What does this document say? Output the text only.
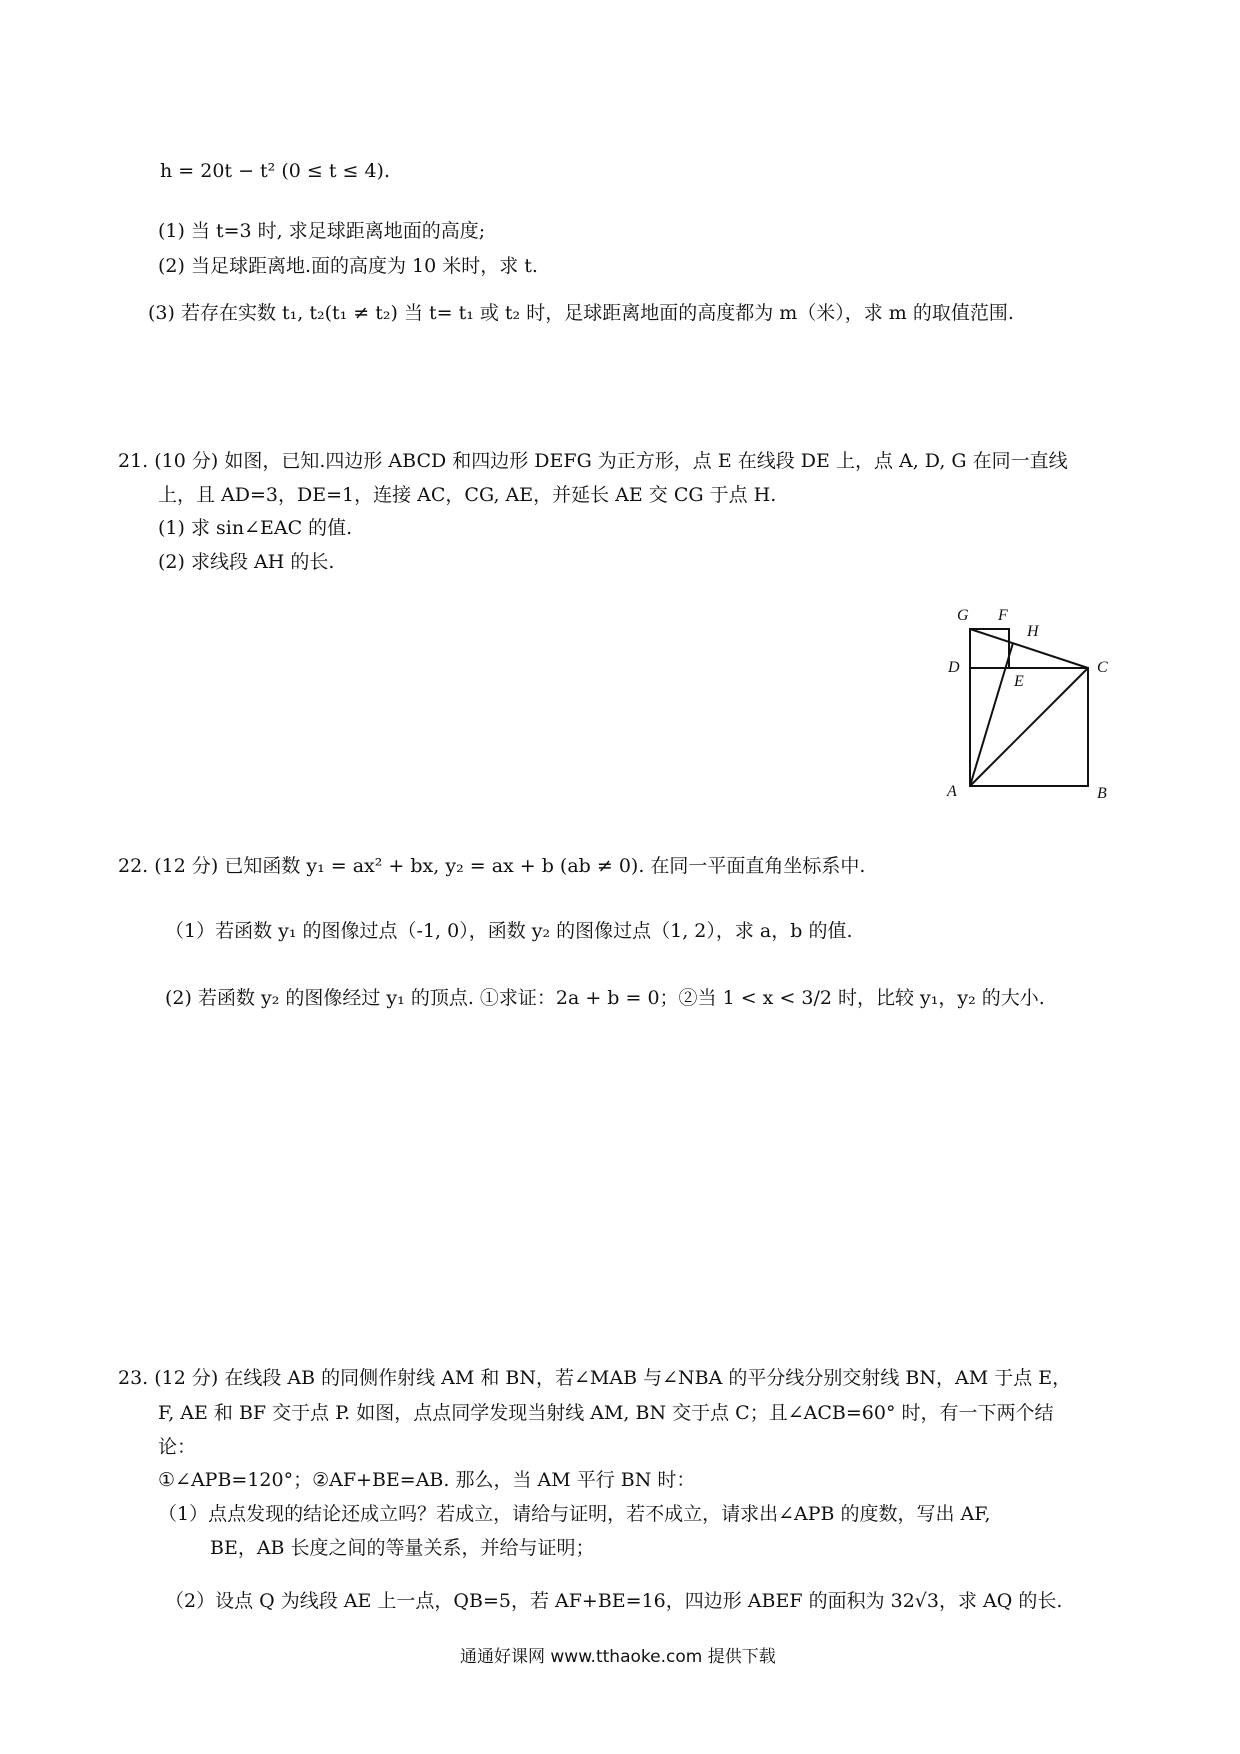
h = 20t − t² (0 ≤ t ≤ 4).
(1) 当 t=3 时, 求足球距离地面的高度;
(2) 当足球距离地.面的高度为 10 米时，求 t.
(3) 若存在实数 t₁, t₂(t₁ ≠ t₂) 当 t= t₁ 或 t₂ 时，足球距离地面的高度都为 m（米），求 m 的取值范围.
21. (10 分) 如图，已知.四边形 ABCD 和四边形 DEFG 为正方形，点 E 在线段 DE 上，点 A, D, G 在同一直线
上，且 AD=3，DE=1，连接 AC，CG, AE，并延长 AE 交 CG 于点 H.
(1) 求 sin∠EAC 的值.
(2) 求线段 AH 的长.
G F
H
D
E
C
A	B
22. (12 分) 已知函数 y₁ = ax² + bx, y₂ = ax + b (ab ≠ 0). 在同一平面直角坐标系中.
（1）若函数 y₁ 的图像过点（-1, 0），函数 y₂ 的图像过点（1, 2），求 a，b 的值.
(2) 若函数 y₂ 的图像经过 y₁ 的顶点. ①求证：2a + b = 0；②当 1 < x < 3/2 时，比较 y₁，y₂ 的大小.
23. (12 分) 在线段 AB 的同侧作射线 AM 和 BN，若∠MAB 与∠NBA 的平分线分别交射线 BN，AM 于点 E，
F, AE 和 BF 交于点 P. 如图，点点同学发现当射线 AM, BN 交于点 C；且∠ACB=60° 时，有一下两个结
论：
①∠APB=120°；②AF+BE=AB. 那么，当 AM 平行 BN 时：
（1）点点发现的结论还成立吗？若成立，请给与证明，若不成立，请求出∠APB 的度数，写出 AF,
BE，AB 长度之间的等量关系，并给与证明；
（2）设点 Q 为线段 AE 上一点，QB=5，若 AF+BE=16，四边形 ABEF 的面积为 32√3，求 AQ 的长.
通通好课网 www.tthaoke.com 提供下载
